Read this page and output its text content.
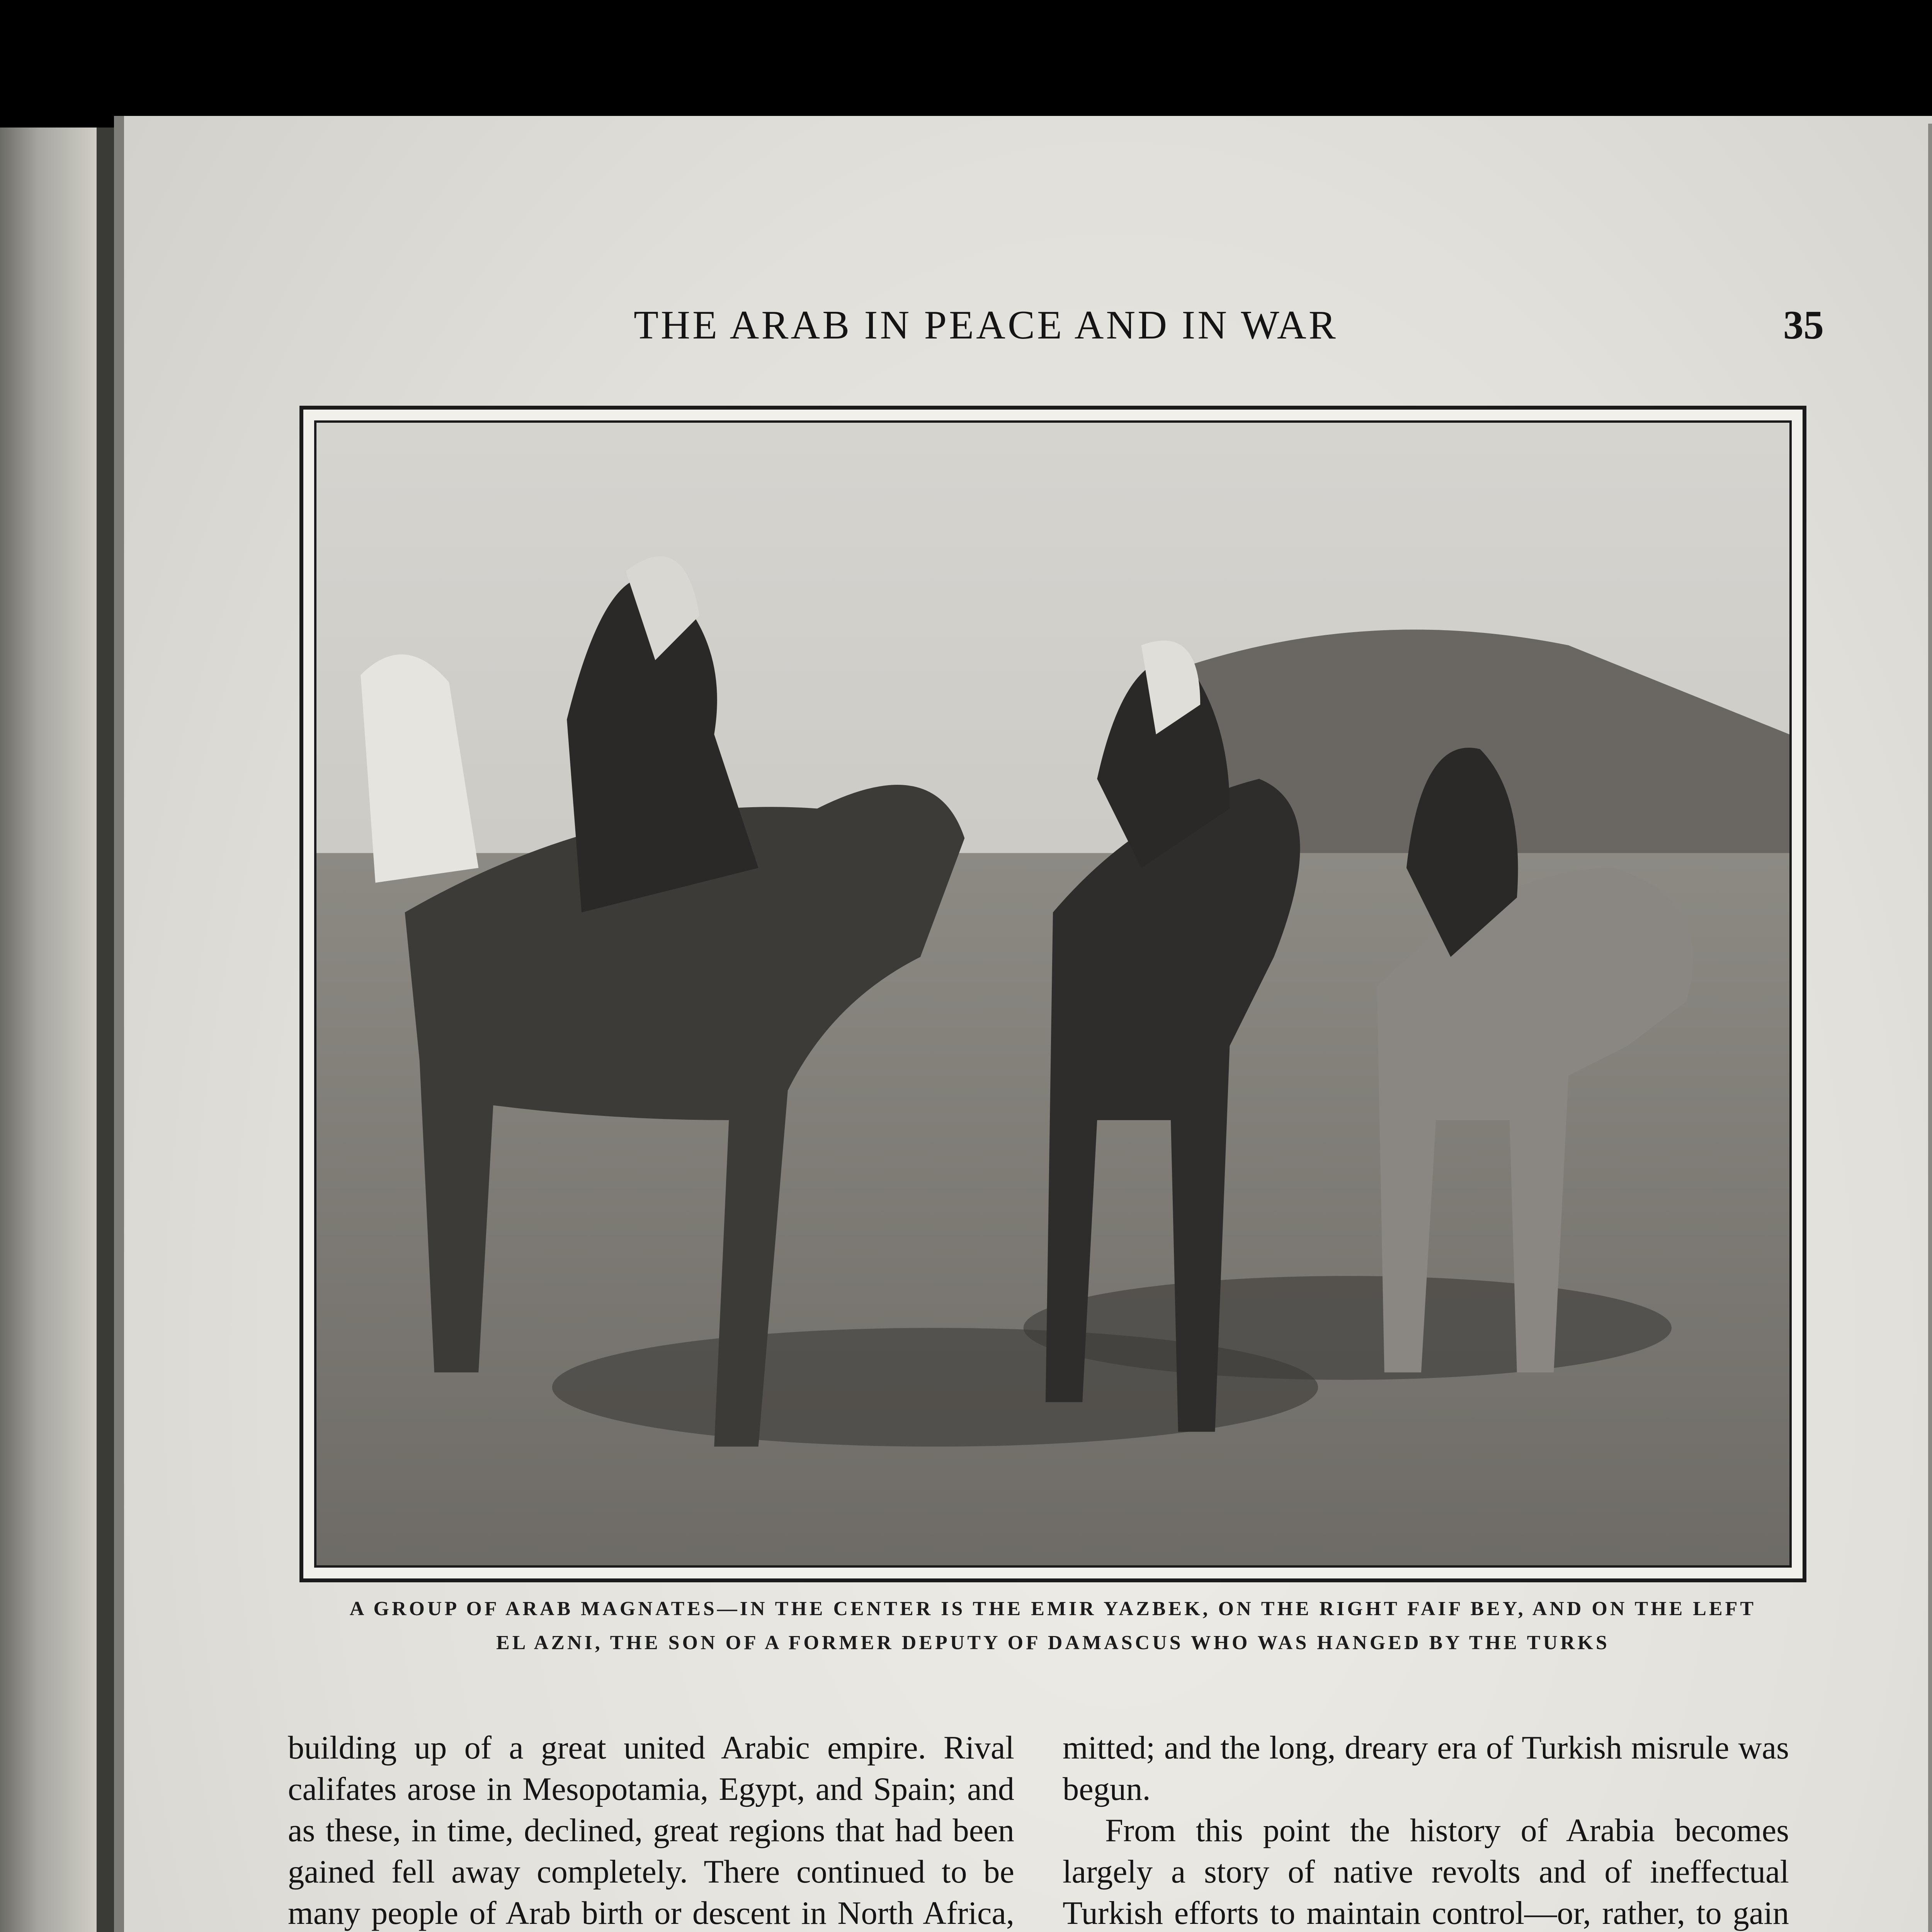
THE ARAB IN PEACE AND IN WAR	35
A GROUP OF ARAB MAGNATES—IN THE CENTER IS THE EMIR YAZBEK, ON THE RIGHT FAIF BEY, AND ON THE LEFT EL AZNI, THE SON OF A FORMER DEPUTY OF DAMASCUS WHO WAS HANGED BY THE TURKS

building up of a great united Arabic empire. Rival califates arose in Mesopotamia, Egypt, and Spain; and as these, in time, declined, great regions that had been gained fell away completely. There continued to be many people of Arab birth or descent in North Africa,

mitted; and the long, dreary era of Turkish misrule was begun.

From this point the history of Arabia becomes largely a story of native revolts and of ineffectual Turkish efforts to maintain control—or, rather, to gain
